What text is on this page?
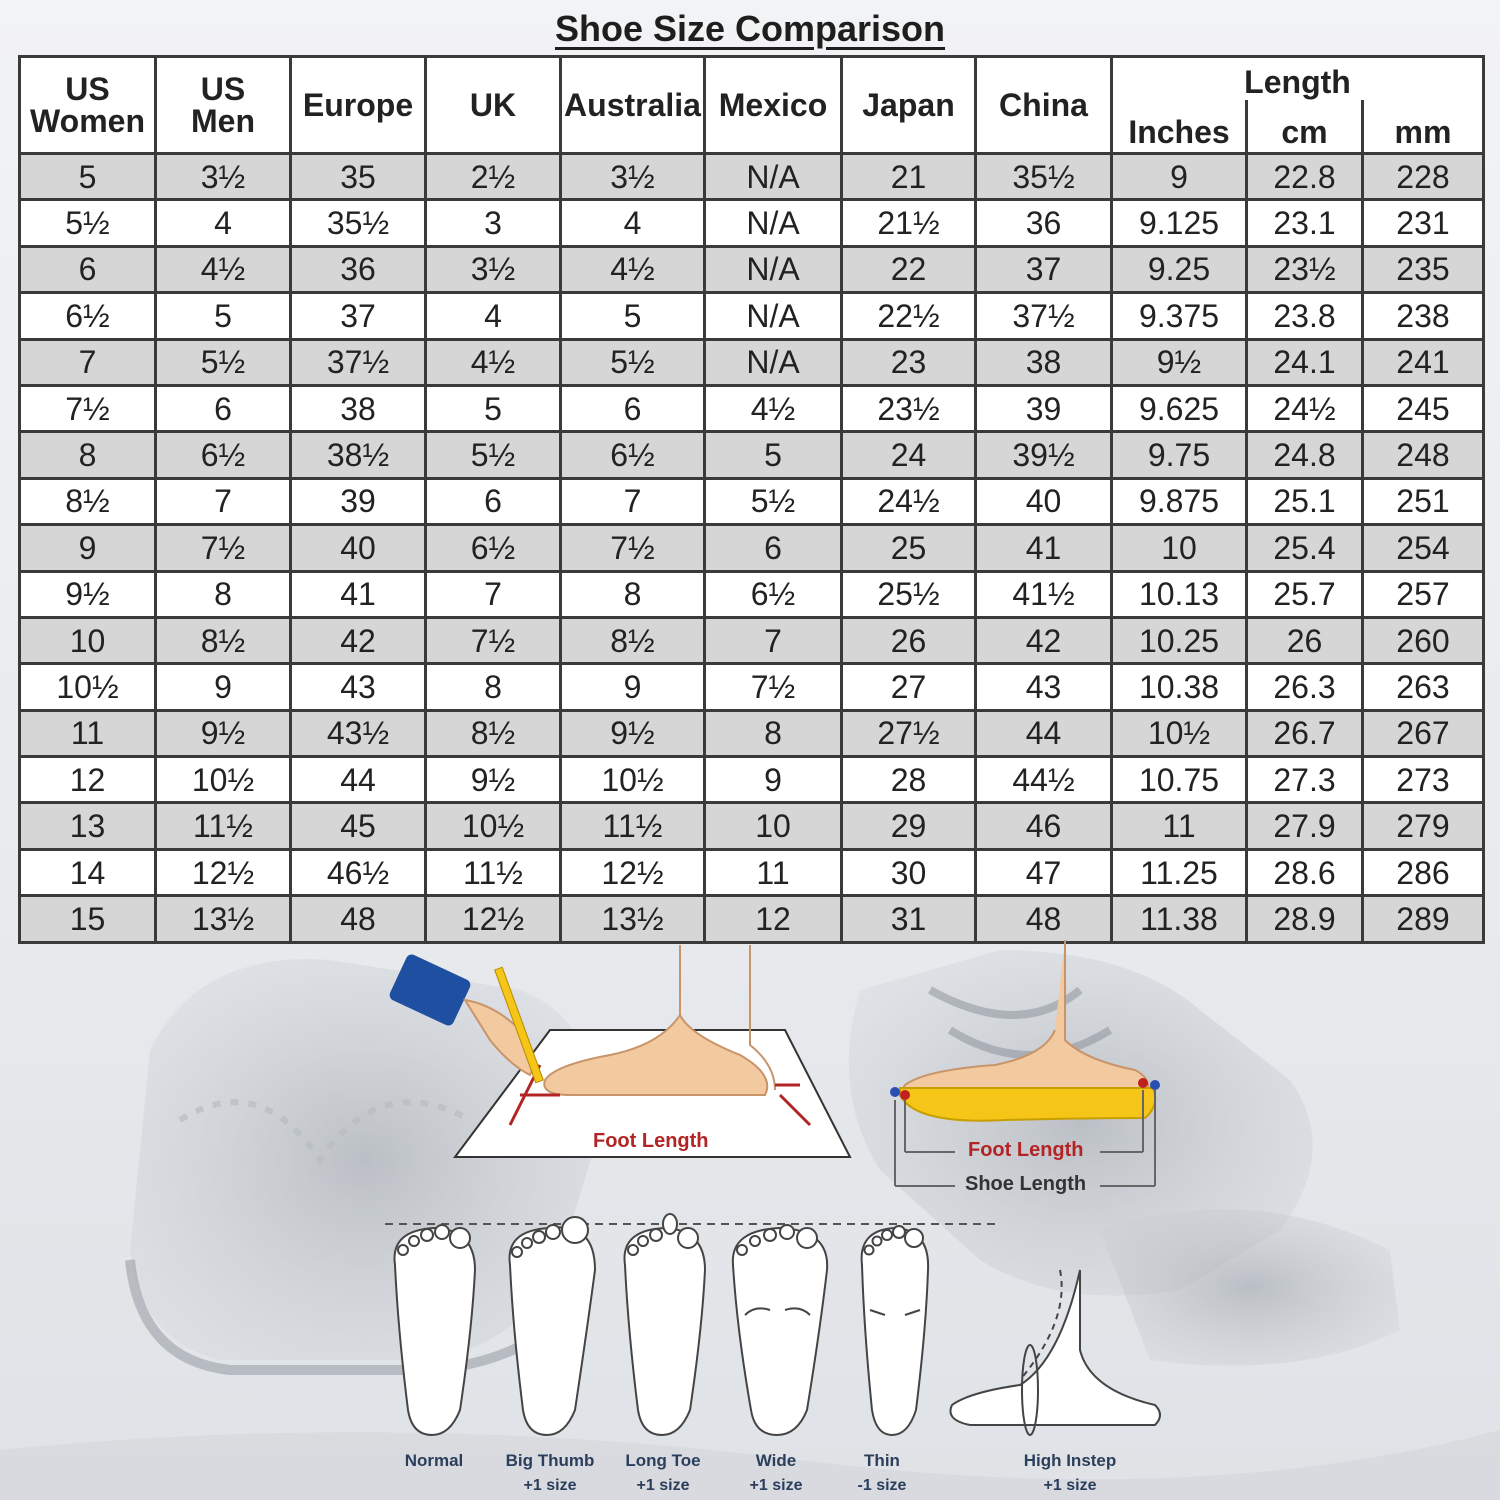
Shoe Size Comparison
US
Women	US
Men	Europe	UK	Australia	Mexico	Japan	China	Length		
								Inches	cm	mm
5	3½	35	2½	3½	N/A	21	35½	9	22.8	228
5½	4	35½	3	4	N/A	21½	36	9.125	23.1	231
6	4½	36	3½	4½	N/A	22	37	9.25	23½	235
6½	5	37	4	5	N/A	22½	37½	9.375	23.8	238
7	5½	37½	4½	5½	N/A	23	38	9½	24.1	241
7½	6	38	5	6	4½	23½	39	9.625	24½	245
8	6½	38½	5½	6½	5	24	39½	9.75	24.8	248
8½	7	39	6	7	5½	24½	40	9.875	25.1	251
9	7½	40	6½	7½	6	25	41	10	25.4	254
9½	8	41	7	8	6½	25½	41½	10.13	25.7	257
10	8½	42	7½	8½	7	26	42	10.25	26	260
10½	9	43	8	9	7½	27	43	10.38	26.3	263
11	9½	43½	8½	9½	8	27½	44	10½	26.7	267
12	10½	44	9½	10½	9	28	44½	10.75	27.3	273
13	11½	45	10½	11½	10	29	46	11	27.9	279
14	12½	46½	11½	12½	11	30	47	11.25	28.6	286
15	13½	48	12½	13½	12	31	48	11.38	28.9	289
Foot Length	Foot Length
Shoe Length
Normal	Big Thumb
+1 size
Long Toe
+1 size
Wide
+1 size
Thin
-1 size
High Instep
+1 size
